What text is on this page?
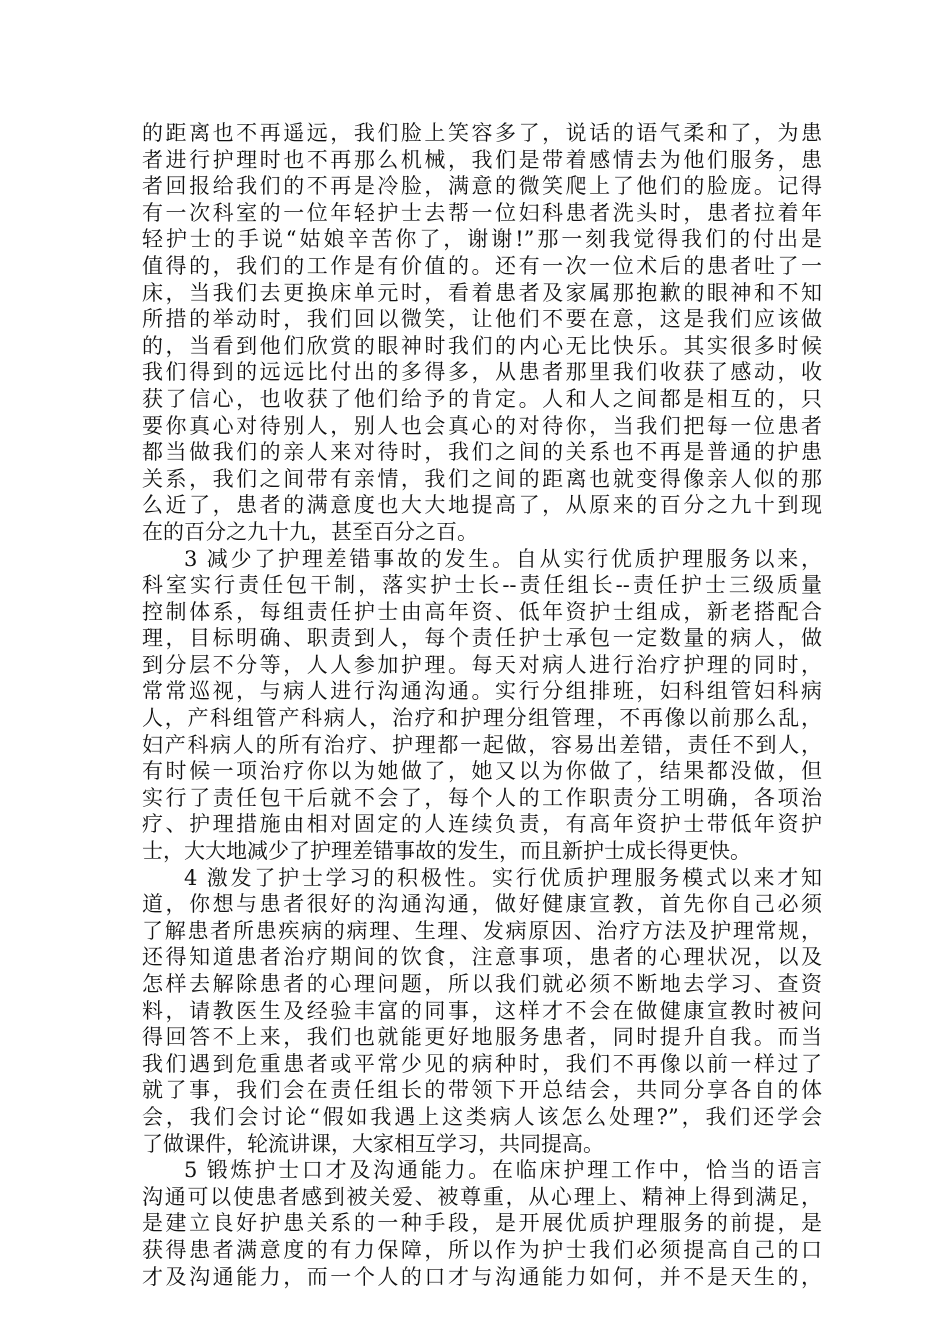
的距离也不再遥远，我们脸上笑容多了，说话的语气柔和了，为患
者进行护理时也不再那么机械，我们是带着感情去为他们服务，患
者回报给我们的不再是冷脸，满意的微笑爬上了他们的脸庞。记得
有一次科室的一位年轻护士去帮一位妇科患者洗头时，患者拉着年
轻护士的手说“姑娘辛苦你了，谢谢!”那一刻我觉得我们的付出是
值得的，我们的工作是有价值的。还有一次一位术后的患者吐了一
床，当我们去更换床单元时，看着患者及家属那抱歉的眼神和不知
所措的举动时，我们回以微笑，让他们不要在意，这是我们应该做
的，当看到他们欣赏的眼神时我们的内心无比快乐。其实很多时候
我们得到的远远比付出的多得多，从患者那里我们收获了感动，收
获了信心，也收获了他们给予的肯定。人和人之间都是相互的，只
要你真心对待别人，别人也会真心的对待你，当我们把每一位患者
都当做我们的亲人来对待时，我们之间的关系也不再是普通的护患
关系，我们之间带有亲情，我们之间的距离也就变得像亲人似的那
么近了，患者的满意度也大大地提高了，从原来的百分之九十到现
在的百分之九十九，甚至百分之百。

3 减少了护理差错事故的发生。自从实行优质护理服务以来，
科室实行责任包干制，落实护士长--责任组长--责任护士三级质量
控制体系，每组责任护士由高年资、低年资护士组成，新老搭配合
理，目标明确、职责到人，每个责任护士承包一定数量的病人，做
到分层不分等，人人参加护理。每天对病人进行治疗护理的同时，
常常巡视，与病人进行沟通沟通。实行分组排班，妇科组管妇科病
人，产科组管产科病人，治疗和护理分组管理，不再像以前那么乱，
妇产科病人的所有治疗、护理都一起做，容易出差错，责任不到人，
有时候一项治疗你以为她做了，她又以为你做了，结果都没做，但
实行了责任包干后就不会了，每个人的工作职责分工明确，各项治
疗、护理措施由相对固定的人连续负责，有高年资护士带低年资护
士，大大地减少了护理差错事故的发生，而且新护士成长得更快。

4 激发了护士学习的积极性。实行优质护理服务模式以来才知
道，你想与患者很好的沟通沟通，做好健康宣教，首先你自己必须
了解患者所患疾病的病理、生理、发病原因、治疗方法及护理常规，
还得知道患者治疗期间的饮食，注意事项，患者的心理状况，以及
怎样去解除患者的心理问题，所以我们就必须不断地去学习、查资
料，请教医生及经验丰富的同事，这样才不会在做健康宣教时被问
得回答不上来，我们也就能更好地服务患者，同时提升自我。而当
我们遇到危重患者或平常少见的病种时，我们不再像以前一样过了
就了事，我们会在责任组长的带领下开总结会，共同分享各自的体
会，我们会讨论“假如我遇上这类病人该怎么处理?”，我们还学会
了做课件，轮流讲课，大家相互学习，共同提高。

5 锻炼护士口才及沟通能力。在临床护理工作中，恰当的语言
沟通可以使患者感到被关爱、被尊重，从心理上、精神上得到满足，
是建立良好护患关系的一种手段，是开展优质护理服务的前提，是
获得患者满意度的有力保障，所以作为护士我们必须提高自己的口
才及沟通能力，而一个人的口才与沟通能力如何，并不是天生的，
